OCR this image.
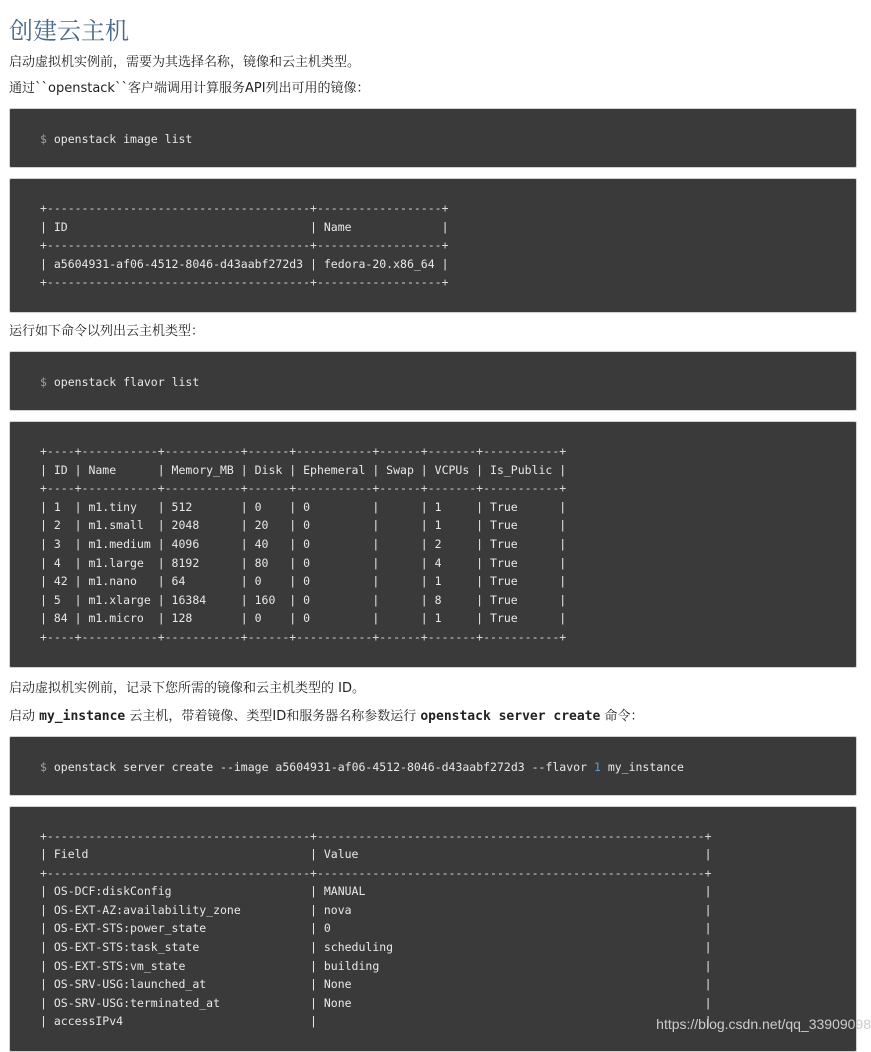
创建云主机

启动虚拟机实例前，需要为其选择名称，镜像和云主机类型。

通过``openstack``客户端调用计算服务API列出可用的镜像：

$ openstack image list
+--------------------------------------+------------------+
| ID                                   | Name             |
+--------------------------------------+------------------+
| a5604931-af06-4512-8046-d43aabf272d3 | fedora-20.x86_64 |
+--------------------------------------+------------------+

运行如下命令以列出云主机类型：

$ openstack flavor list
+----+-----------+-----------+------+-----------+------+-------+-----------+
| ID | Name      | Memory_MB | Disk | Ephemeral | Swap | VCPUs | Is_Public |
+----+-----------+-----------+------+-----------+------+-------+-----------+
| 1  | m1.tiny   | 512       | 0    | 0         |      | 1     | True      |
| 2  | m1.small  | 2048      | 20   | 0         |      | 1     | True      |
| 3  | m1.medium | 4096      | 40   | 0         |      | 2     | True      |
| 4  | m1.large  | 8192      | 80   | 0         |      | 4     | True      |
| 42 | m1.nano   | 64        | 0    | 0         |      | 1     | True      |
| 5  | m1.xlarge | 16384     | 160  | 0         |      | 8     | True      |
| 84 | m1.micro  | 128       | 0    | 0         |      | 1     | True      |
+----+-----------+-----------+------+-----------+------+-------+-----------+

启动虚拟机实例前，记录下您所需的镜像和云主机类型的 ID。

启动 my_instance 云主机，带着镜像、类型ID和服务器名称参数运行 openstack server create 命令：

$ openstack server create --image a5604931-af06-4512-8046-d43aabf272d3 --flavor 1 my_instance
+--------------------------------------+--------------------------------------------------------+
| Field                                | Value                                                  |
+--------------------------------------+--------------------------------------------------------+
| OS-DCF:diskConfig                    | MANUAL                                                 |
| OS-EXT-AZ:availability_zone          | nova                                                   |
| OS-EXT-STS:power_state               | 0                                                      |
| OS-EXT-STS:task_state                | scheduling                                             |
| OS-EXT-STS:vm_state                  | building                                               |
| OS-SRV-USG:launched_at               | None                                                   |
| OS-SRV-USG:terminated_at             | None                                                   |
| accessIPv4                           |                                                        |
https://blog.csdn.net/qq_33909098
